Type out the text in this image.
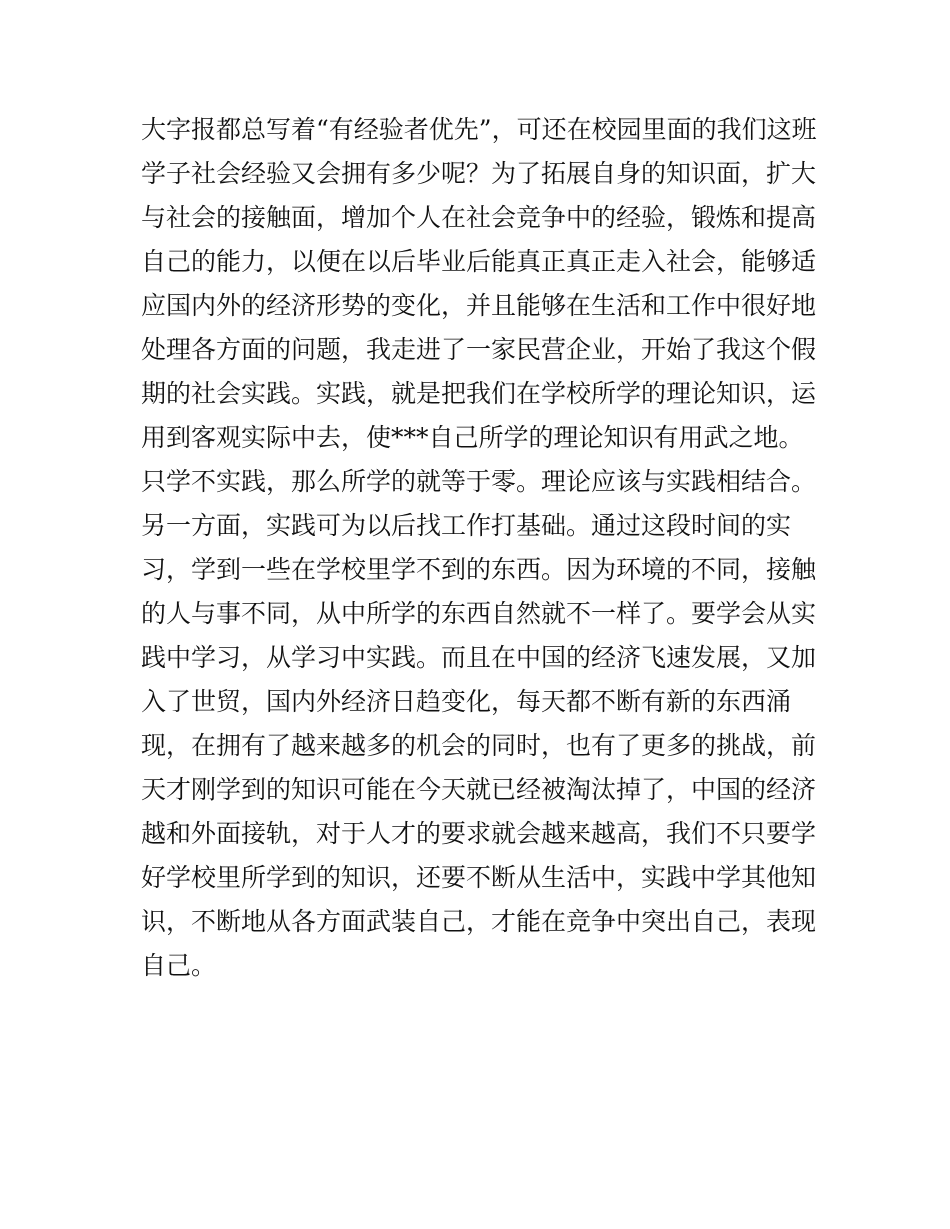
大字报都总写着“有经验者优先”，可还在校园里面的我们这班
学子社会经验又会拥有多少呢？为了拓展自身的知识面，扩大
与社会的接触面，增加个人在社会竞争中的经验，锻炼和提高
自己的能力，以便在以后毕业后能真正真正走入社会，能够适
应国内外的经济形势的变化，并且能够在生活和工作中很好地
处理各方面的问题，我走进了一家民营企业，开始了我这个假
期的社会实践。实践，就是把我们在学校所学的理论知识，运
用到客观实际中去，使***自己所学的理论知识有用武之地。
只学不实践，那么所学的就等于零。理论应该与实践相结合。
另一方面，实践可为以后找工作打基础。通过这段时间的实
习，学到一些在学校里学不到的东西。因为环境的不同，接触
的人与事不同，从中所学的东西自然就不一样了。要学会从实
践中学习，从学习中实践。而且在中国的经济飞速发展，又加
入了世贸，国内外经济日趋变化，每天都不断有新的东西涌
现，在拥有了越来越多的机会的同时，也有了更多的挑战，前
天才刚学到的知识可能在今天就已经被淘汰掉了，中国的经济
越和外面接轨，对于人才的要求就会越来越高，我们不只要学
好学校里所学到的知识，还要不断从生活中，实践中学其他知
识，不断地从各方面武装自己，才能在竞争中突出自己，表现
自己。
